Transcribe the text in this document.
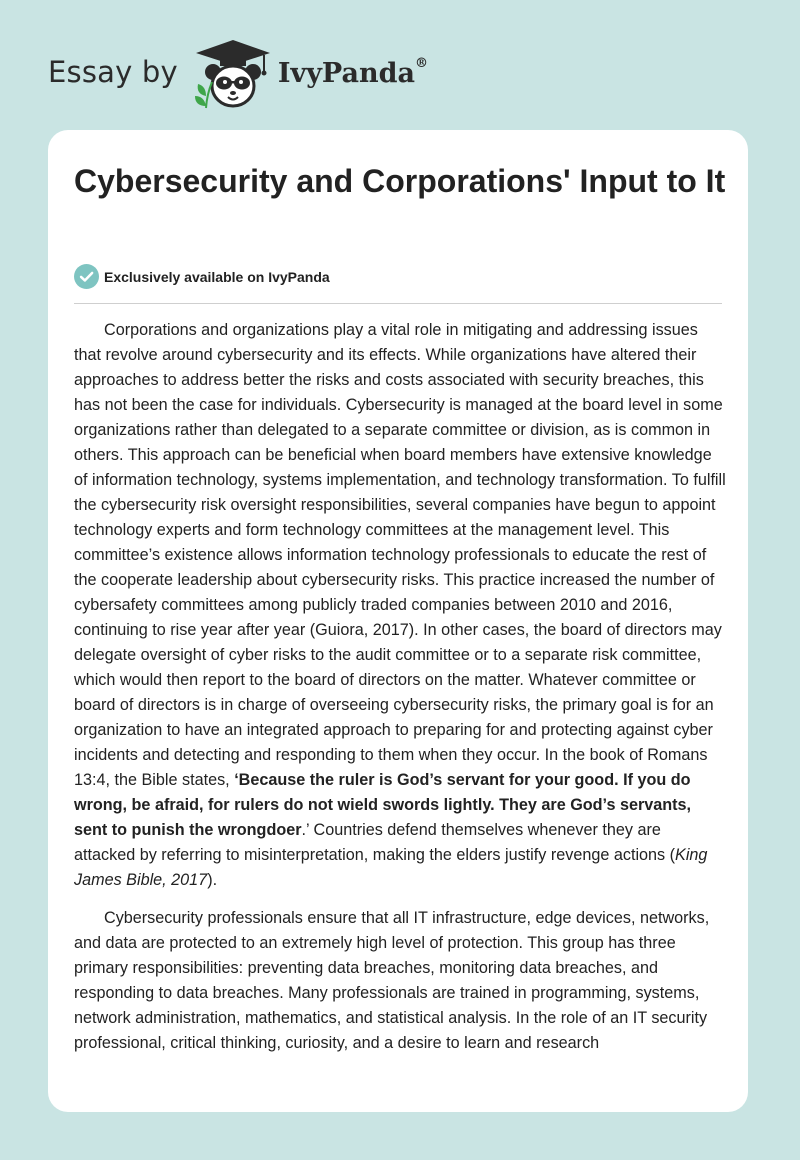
Essay by	IvyPanda®
Cybersecurity and Corporations' Input to It
Exclusively available on IvyPanda

Corporations and organizations play a vital role in mitigating and addressing issues that revolve around cybersecurity and its effects. While organizations have altered their approaches to address better the risks and costs associated with security breaches, this has not been the case for individuals. Cybersecurity is managed at the board level in some organizations rather than delegated to a separate committee or division, as is common in others. This approach can be beneficial when board members have extensive knowledge of information technology, systems implementation, and technology transformation. To fulfill the cybersecurity risk oversight responsibilities, several companies have begun to appoint technology experts and form technology committees at the management level. This committee’s existence allows information technology professionals to educate the rest of the cooperate leadership about cybersecurity risks. This practice increased the number of cybersafety committees among publicly traded companies between 2010 and 2016, continuing to rise year after year (Guiora, 2017). In other cases, the board of directors may delegate oversight of cyber risks to the audit committee or to a separate risk committee, which would then report to the board of directors on the matter. Whatever committee or board of directors is in charge of overseeing cybersecurity risks, the primary goal is for an organization to have an integrated approach to preparing for and protecting against cyber incidents and detecting and responding to them when they occur. In the book of Romans 13:4, the Bible states, ‘Because the ruler is God’s servant for your good. If you do wrong, be afraid, for rulers do not wield swords lightly. They are God’s servants, sent to punish the wrongdoer.’ Countries defend themselves whenever they are attacked by referring to misinterpretation, making the elders justify revenge actions (King James Bible, 2017).

Cybersecurity professionals ensure that all IT infrastructure, edge devices, networks, and data are protected to an extremely high level of protection. This group has three primary responsibilities: preventing data breaches, monitoring data breaches, and responding to data breaches. Many professionals are trained in programming, systems, network administration, mathematics, and statistical analysis. In the role of an IT security professional, critical thinking, curiosity, and a desire to learn and research
